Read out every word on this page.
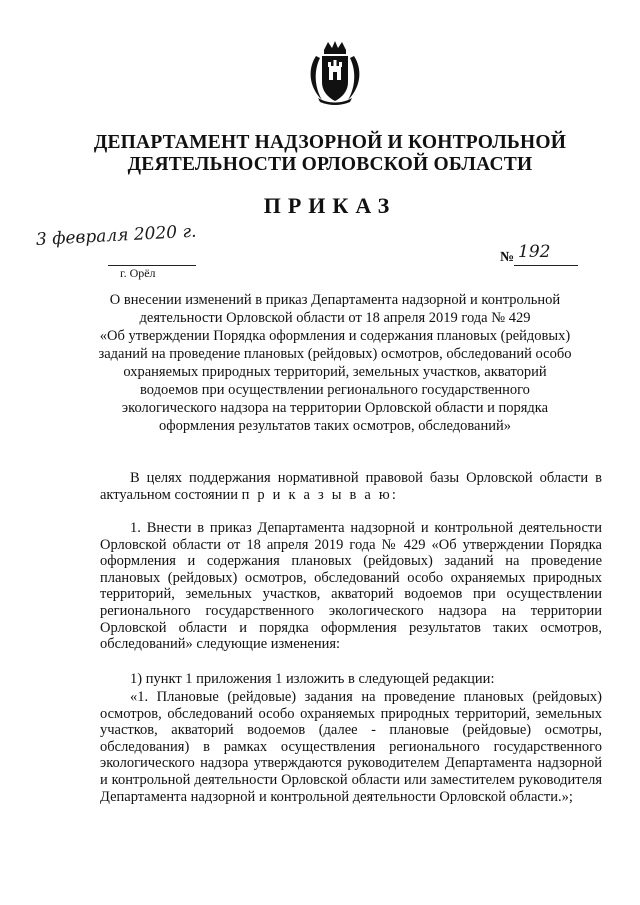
ДЕПАРТАМЕНТ НАДЗОРНОЙ И КОНТРОЛЬНОЙ
ДЕЯТЕЛЬНОСТИ ОРЛОВСКОЙ ОБЛАСТИ
ПРИКАЗ
3 февраля 2020 г.
г. Орёл
№ 192
О внесении изменений в приказ Департамента надзорной и контрольной
деятельности Орловской области от 18 апреля 2019 года № 429
«Об утверждении Порядка оформления и содержания плановых (рейдовых)
заданий на проведение плановых (рейдовых) осмотров, обследований особо
охраняемых природных территорий, земельных участков, акваторий
водоемов при осуществлении регионального государственного
экологического надзора на территории Орловской области и порядка
оформления результатов таких осмотров, обследований»
В целях поддержания нормативной правовой базы Орловской области в актуальном состоянии п р и к а з ы в а ю:

1. Внести в приказ Департамента надзорной и контрольной деятельности Орловской области от 18 апреля 2019 года № 429 «Об утверждении Порядка оформления и содержания плановых (рейдовых) заданий на проведение плановых (рейдовых) осмотров, обследований особо охраняемых природных территорий, земельных участков, акваторий водоемов при осуществлении регионального государственного экологического надзора на территории Орловской области и порядка оформления результатов таких осмотров, обследований» следующие изменения:

1) пункт 1 приложения 1 изложить в следующей редакции:

«1. Плановые (рейдовые) задания на проведение плановых (рейдовых) осмотров, обследований особо охраняемых природных территорий, земельных участков, акваторий водоемов (далее - плановые (рейдовые) осмотры, обследования) в рамках осуществления регионального государственного экологического надзора утверждаются руководителем Департамента надзорной и контрольной деятельности Орловской области или заместителем руководителя Департамента надзорной и контрольной деятельности Орловской области.»;
